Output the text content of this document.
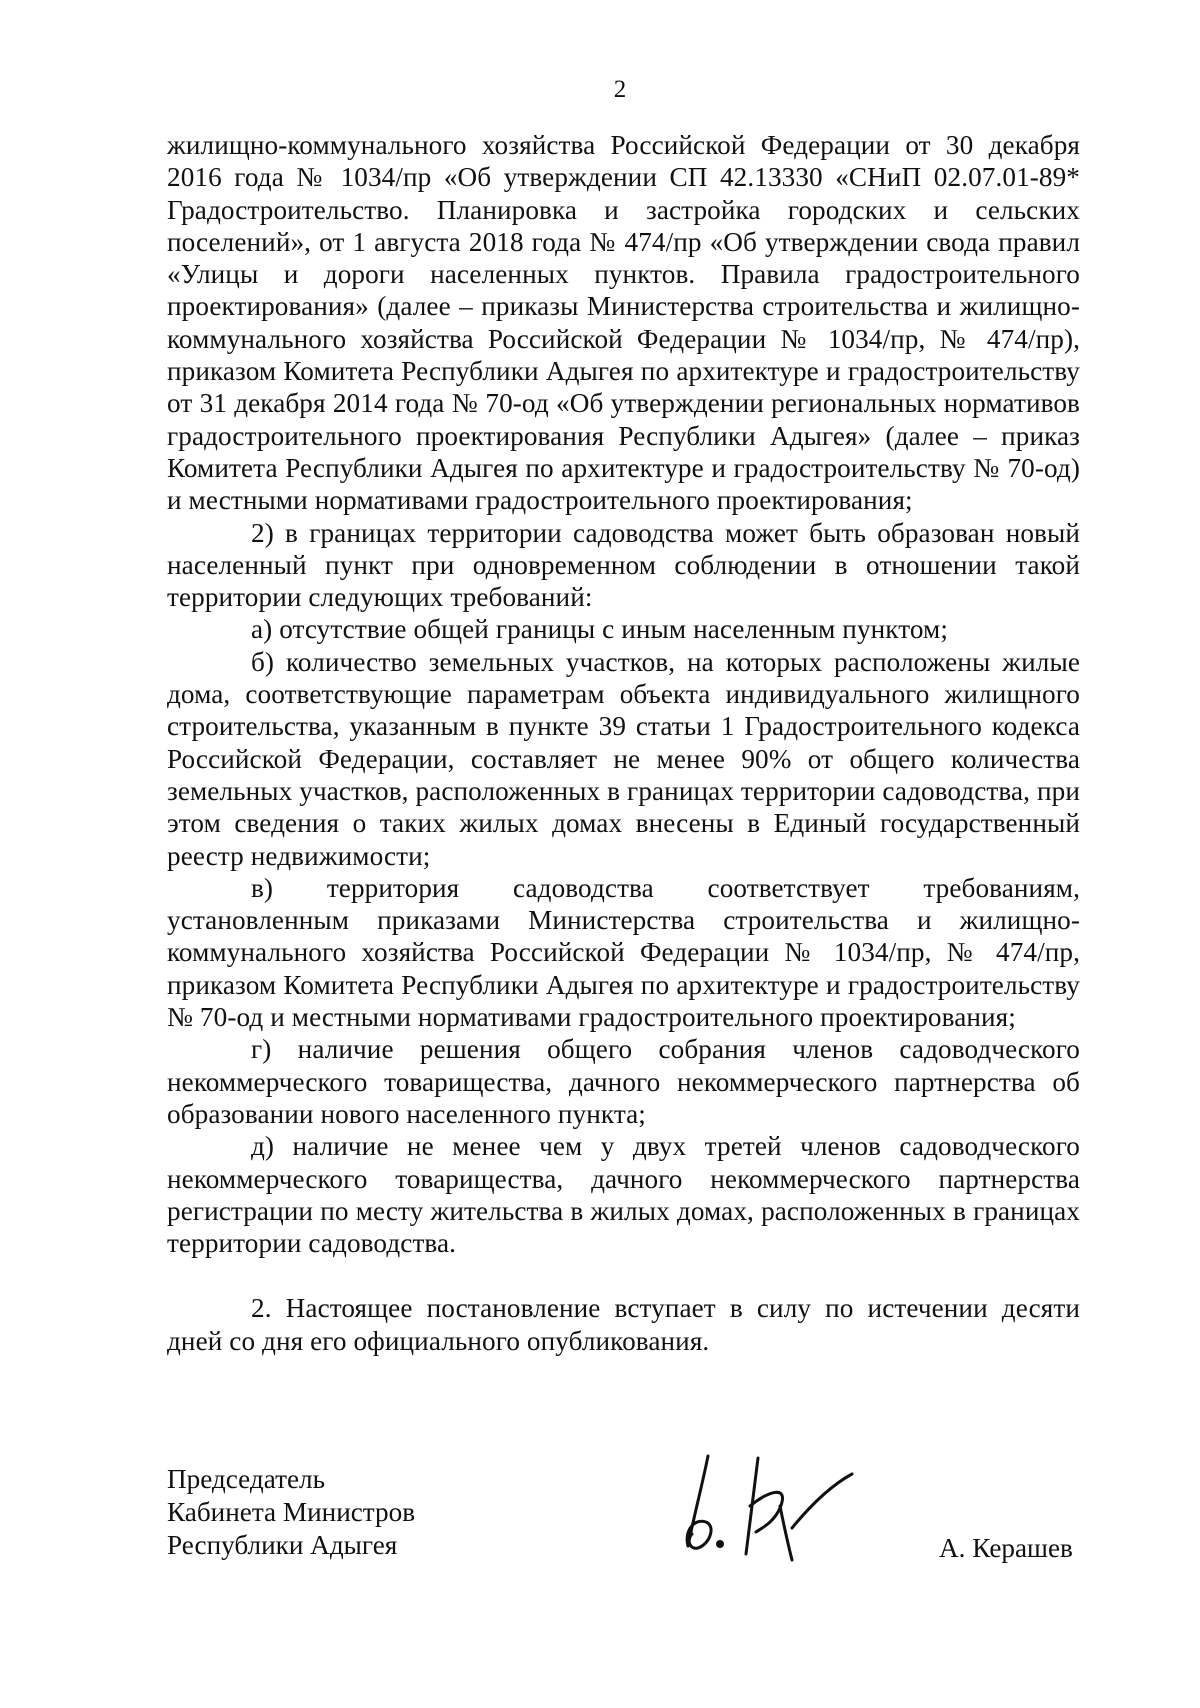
2

жилищно-коммунального хозяйства Российской Федерации от 30 декабря 2016 года № 1034/пр «Об утверждении СП 42.13330 «СНиП 02.07.01-89* Градостроительство. Планировка и застройка городских и сельских поселений», от 1 августа 2018 года № 474/пр «Об утверждении свода правил «Улицы и дороги населенных пунктов. Правила градостроительного проектирования» (далее – приказы Министерства строительства и жилищно-коммунального хозяйства Российской Федерации № 1034/пр, № 474/пр), приказом Комитета Республики Адыгея по архитектуре и градостроительству от 31 декабря 2014 года № 70-од «Об утверждении региональных нормативов градостроительного проектирования Республики Адыгея» (далее – приказ Комитета Республики Адыгея по архитектуре и градостроительству № 70-од) и местными нормативами градостроительного проектирования;

2) в границах территории садоводства может быть образован новый населенный пункт при одновременном соблюдении в отношении такой территории следующих требований:

а) отсутствие общей границы с иным населенным пунктом;

б) количество земельных участков, на которых расположены жилые дома, соответствующие параметрам объекта индивидуального жилищного строительства, указанным в пункте 39 статьи 1 Градостроительного кодекса Российской Федерации, составляет не менее 90% от общего количества земельных участков, расположенных в границах территории садоводства, при этом сведения о таких жилых домах внесены в Единый государственный реестр недвижимости;

в) территория садоводства соответствует требованиям, установленным приказами Министерства строительства и жилищно-коммунального хозяйства Российской Федерации № 1034/пр, № 474/пр, приказом Комитета Республики Адыгея по архитектуре и градостроительству № 70-од и местными нормативами градостроительного проектирования;

г) наличие решения общего собрания членов садоводческого некоммерческого товарищества, дачного некоммерческого партнерства об образовании нового населенного пункта;

д) наличие не менее чем у двух третей членов садоводческого некоммерческого товарищества, дачного некоммерческого партнерства регистрации по месту жительства в жилых домах, расположенных в границах территории садоводства.

2. Настоящее постановление вступает в силу по истечении десяти дней со дня его официального опубликования.

Председатель
Кабинета Министров
Республики Адыгея	А. Керашев
